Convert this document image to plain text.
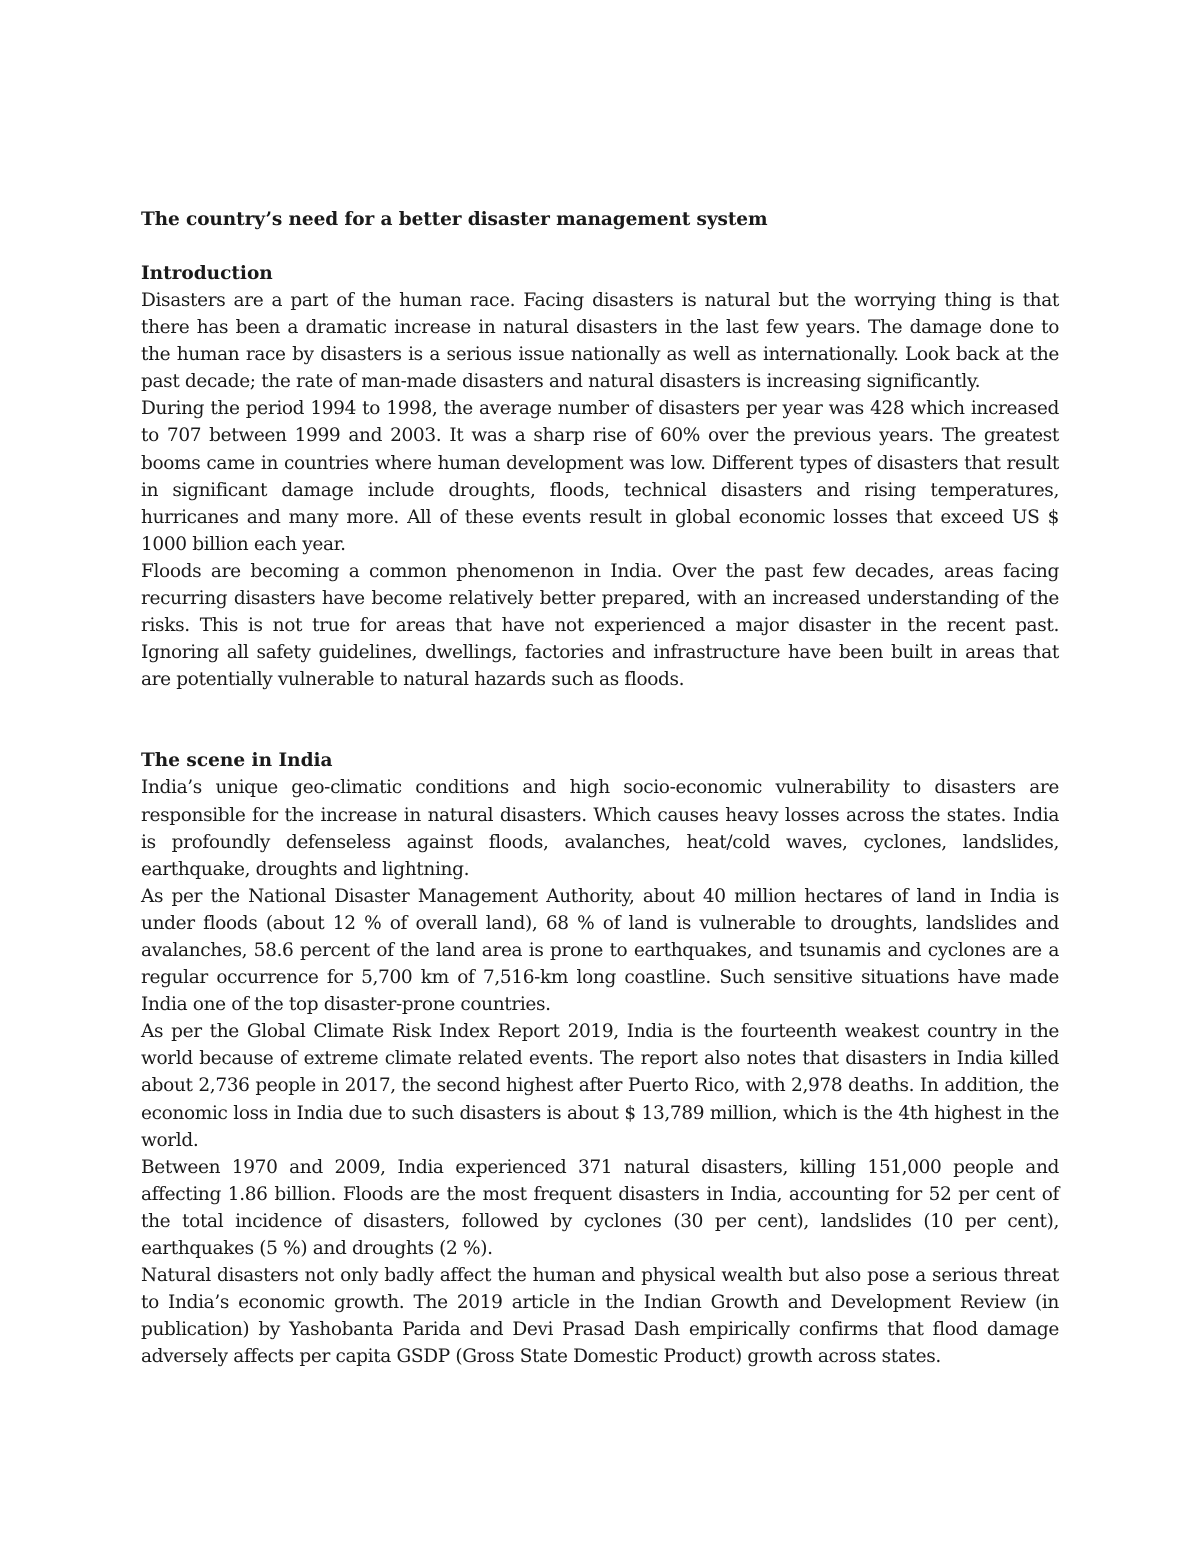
The country’s need for a better disaster management system
Introduction

Disasters are a part of the human race. Facing disasters is natural but the worrying thing is that there has been a dramatic increase in natural disasters in the last few years. The damage done to the human race by disasters is a serious issue nationally as well as internationally. Look back at the past decade; the rate of man-made disasters and natural disasters is increasing significantly.

During the period 1994 to 1998, the average number of disasters per year was 428 which increased to 707 between 1999 and 2003. It was a sharp rise of 60% over the previous years. The greatest booms came in countries where human development was low. Different types of disasters that result in significant damage include droughts, floods, technical disasters and rising temperatures, hurricanes and many more. All of these events result in global economic losses that exceed US $ 1000 billion each year.

Floods are becoming a common phenomenon in India. Over the past few decades, areas facing recurring disasters have become relatively better prepared, with an increased understanding of the risks. This is not true for areas that have not experienced a major disaster in the recent past. Ignoring all safety guidelines, dwellings, factories and infrastructure have been built in areas that are potentially vulnerable to natural hazards such as floods.

The scene in India

India’s unique geo-climatic conditions and high socio-economic vulnerability to disasters are responsible for the increase in natural disasters. Which causes heavy losses across the states. India is profoundly defenseless against floods, avalanches, heat/cold waves, cyclones, landslides, earthquake, droughts and lightning.

As per the National Disaster Management Authority, about 40 million hectares of land in India is under floods (about 12 % of overall land), 68 % of land is vulnerable to droughts, landslides and avalanches, 58.6 percent of the land area is prone to earthquakes, and tsunamis and cyclones are a regular occurrence for 5,700 km of 7,516-km long coastline. Such sensitive situations have made India one of the top disaster-prone countries.

As per the Global Climate Risk Index Report 2019, India is the fourteenth weakest country in the world because of extreme climate related events. The report also notes that disasters in India killed about 2,736 people in 2017, the second highest after Puerto Rico, with 2,978 deaths. In addition, the economic loss in India due to such disasters is about $ 13,789 million, which is the 4th highest in the world.

Between 1970 and 2009, India experienced 371 natural disasters, killing 151,000 people and affecting 1.86 billion. Floods are the most frequent disasters in India, accounting for 52 per cent of the total incidence of disasters, followed by cyclones (30 per cent), landslides (10 per cent), earthquakes (5 %) and droughts (2 %).

Natural disasters not only badly affect the human and physical wealth but also pose a serious threat to India’s economic growth. The 2019 article in the Indian Growth and Development Review (in publication) by Yashobanta Parida and Devi Prasad Dash empirically confirms that flood damage adversely affects per capita GSDP (Gross State Domestic Product) growth across states.
